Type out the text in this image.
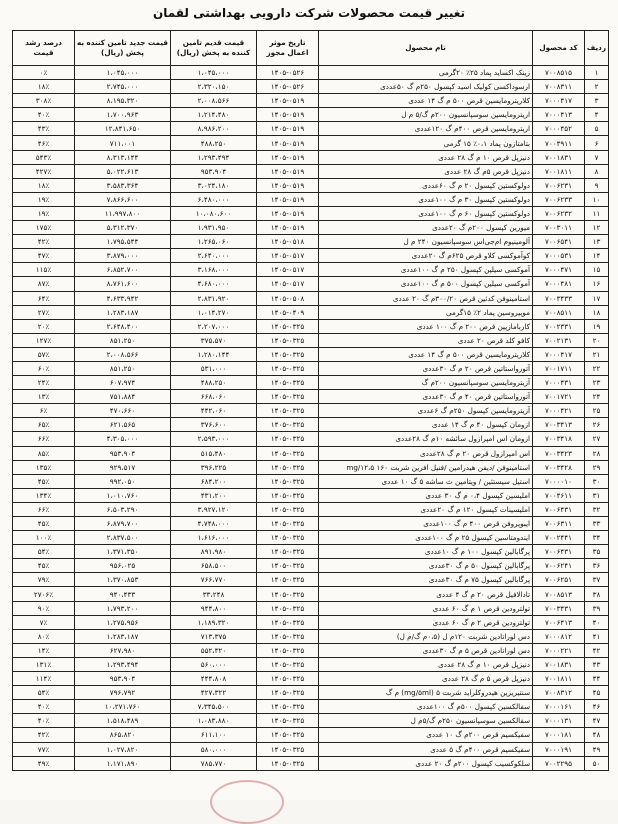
تغییر قیمت محصولات شرکت دارویی بهداشتی لقمان
ردیف	کد محصول	نام محصول	تاریخ موثر اعمال مجوز	قیمت قدیم تامین کننده به پخش (ریال)	قیمت جدید تامین کننده به پخش (ریال)	درصد رشد قیمت
۱	۷۰۰۸۵۱۵	زینک اکساید پماد ۲۵٪ ۲۰گرمی	۱۴۰۵-۰۵۲۶	۱،۰۴۵،۰۰۰	۱،۰۴۵،۰۰۰	۰٪
۲	۷۰۰۸۳۱۱	ارسوداکسی کولیک اسید کپسول ۲۵۰م گ ۵۰عددی	۱۴۰۵-۰۵۲۶	۲،۳۲۰،۱۵۰	۲،۷۴۵،۰۰۰	۱۸٪
۳	۷۰۰۰۴۱۷	کلاریترومایسین قرص ۵۰۰ م گ ۱۴ عددی	۱۴۰۵-۰۵۱۹	۲،۰۰۸،۵۶۶	۸،۱۹۵،۳۲۰	۳۰۸٪
۴	۷۰۰۰۴۱۳	اریترومایسین سوسپانسیون ۲۰۰م گ/۵ م ل	۱۴۰۵-۰۵۱۹	۱،۲۱۴،۴۸۰	۱،۷۰۰،۹۶۳	۴۰٪
۵	۷۰۰۰۴۵۲	اریترومایسین قرص ۴۰۰م گ ۱۲۰عددی	۱۴۰۵-۰۵۱۹	۸،۹۸۶،۲۰۰	۱۲،۸۴۱،۶۵۰	۴۳٪
۶	۷۰۰۴۹۱۱	بتامتازون پماد ۰،۱٪ ۱۵ گرمی	۱۴۰۵-۰۵۱۹	۴۸۸،۲۵۰	۷۱۱،۰۰۱	۴۶٪
۷	۷۰۰۱۸۳۱	دنیزپل قرص ۱۰ م گ ۲۸ عددی	۱۴۰۵-۰۵۱۹	۱،۲۹۳،۴۹۴	۸،۳۱۳،۱۴۴	۵۴۳٪
۸	۷۰۰۱۸۱۱	دنیزپل قرص ۵م گ ۲۸ عددی	۱۴۰۵-۰۵۱۹	۹۵۳،۹۰۴	۵،۰۲۲،۶۱۳	۴۲۷٪
۹	۷۰۰۶۲۳۱	دولوکستین کپسول ۲۰ م گ ۶۰عددی	۱۴۰۵-۰۵۱۹	۳،۰۲۴،۱۸۰	۳،۵۸۳،۳۶۴	۱۸٪
۱۰	۷۰۰۶۲۳۳	دولوکستین کپسول ۳۰ م گ ۱۰۰عددی	۱۴۰۵-۰۵۱۹	۶،۴۸۰،۰۰۰	۷،۸۶۶،۶۰۰	۱۹٪
۱۱	۷۰۰۶۲۳۲	دولوکستین کپسول ۶۰ م گ ۱۰۰عددی	۱۴۰۵-۰۵۱۹	۱۰،۰۸۰،۶۰۰	۱۱،۹۹۷،۸۰۰	۱۹٪
۱۲	۷۰۰۳۰۱۱	میورین کپسول ۲۰۰م گ ۲۰عددی	۱۴۰۵-۰۵۱۹	۱،۹۳۱،۹۵۰	۵،۳۱۲،۳۷۰	۱۷۵٪
۱۳	۷۰۰۶۵۴۱	آلومینیوم ام‌جی‌اس سوسپانسیون ۲۴۰ م ل	۱۴۰۵-۰۵۱۸	۱،۲۶۵،۰۶۰	۱،۷۹۵،۵۴۴	۴۲٪
۱۴	۷۰۰۰۵۳۱	کوآموکسی کلاو قرص ۶۲۵م گ ۲۰عددی	۱۴۰۵-۰۵۱۷	۲،۶۴۰،۰۰۰	۳،۸۷۹،۰۰۰	۴۷٪
۱۵	۷۰۰۰۴۷۱	آموکسی سیلین کپسول ۲۵۰ م گ ۱۰۰عددی	۱۴۰۵-۰۵۱۷	۳،۱۶۸،۰۰۰	۶،۸۵۲،۷۰۰	۱۱۵٪
۱۶	۷۰۰۰۴۸۱	آموکسی سیلین کپسول ۵۰۰ م گ ۱۰۰عددی	۱۴۰۵-۰۵۱۷	۴،۶۸۰،۰۰۰	۸،۷۶۱،۶۰۰	۸۷٪
۱۷	۷۰۰۳۴۳۳	استامینوفن کدئین قرص ۳۰۰/۲۰م گ ۲۰ عددی	۱۴۰۵-۰۵۰۸	۲،۸۳۱،۹۲۰	۴،۶۳۳،۹۴۲	۶۴٪
۱۸	۷۰۰۸۵۱۱	موپیروسین پماد ۲٪ ۱۵گرمی	۱۴۰۵-۰۴۰۹	۱،۰۱۴،۲۷۰	۱،۲۸۳،۱۸۷	۲۷٪
۱۹	۷۰۰۲۳۳۱	کاربامازپین قرص ۲۰۰ م گ ۱۰۰ عددی	۱۴۰۵-۰۳۲۵	۲،۲۰۷،۰۰۰	۲،۶۴۸،۴۰۰	۲۰٪
۲۰	۷۰۰۲۱۳۱	کافو کلد قرص ۲۰ عددی	۱۴۰۵-۰۳۲۵	۳۷۵،۵۷۰	۸۵۱،۲۵۰	۱۲۷٪
۲۱	۷۰۰۰۴۱۷	کلاریترومایسین قرص ۵۰۰ م گ ۱۴ عددی	۱۴۰۵-۰۳۲۵	۱،۲۸۰،۱۴۴	۲،۰۰۸،۵۶۶	۵۷٪
۲۲	۷۰۰۱۷۱۱	آتورواستاتین قرص ۲۰ م گ ۳۰عددی	۱۴۰۵-۰۳۲۵	۵۳۱،۰۰۰	۸۵۱،۲۵۰	۶۰٪
۲۳	۷۰۰۰۴۳۱	آزیترومایسین سوسپانسیون ۲۰۰م گ	۱۴۰۵-۰۳۲۵	۴۸۸،۲۵۰	۶۰۷،۹۷۴	۲۴٪
۲۴	۷۰۰۱۷۲۱	آتورواستاتین قرص ۴۰ م گ ۳۰عددی	۱۴۰۵-۰۳۲۵	۶۶۸،۰۶۰	۷۵۱،۸۸۴	۱۳٪
۲۵	۷۰۰۰۴۲۱	آزیترومایسین کپسول ۲۵۰م گ ۶عددی	۱۴۰۵-۰۳۲۵	۴۴۲،۰۶۰	۴۷۰،۶۶۰	۶٪
۲۶	۷۰۰۳۴۱۳	ازومان کپسول ۴۰ م گ ۱۴ عددی	۱۴۰۵-۰۳۲۵	۳۷۶،۶۰۰	۶۲۱،۵۶۵	۶۵٪
۲۷	۷۰۰۳۴۱۸	ازومان اس امپرازول سائشه ۱۰م گ ۲۸عددی	۱۴۰۵-۰۳۲۵	۲،۵۹۳،۰۰۰	۴،۳۰۵،۰۰۰	۶۶٪
۲۸	۷۰۰۳۴۲۳	اس امپرازول قرص ۲۰ م گ ۲۸عددی	۱۴۰۵-۰۳۲۵	۵۱۵،۴۸۰	۹۵۳،۹۰۴	۸۵٪
۲۹	۷۰۰۳۴۲۸	استامینوفن /دیفن هیدرامین /فنیل افرین شربت ۱۶۰ mg/۱۲،۵	۱۴۰۵-۰۳۲۵	۳۹۶،۲۲۵	۹۲۹،۵۱۷	۱۳۵٪
۳۰	۷۰۰۰۰۱۰	استیل سیستئین / ویتامین ث ساشه ۵ گ ۱۰ عددی	۱۴۰۵-۰۳۲۵	۶۸۴،۲۰۰	۹۹۲،۰۵۰	۴۵٪
۳۱	۷۰۰۴۶۱۱	املیسین کپسول ۰،۴ م گ ۳۰ عددی	۱۴۰۵-۰۳۲۵	۴۳۱،۲۰۰	۱،۰۱۰،۷۶۰	۱۳۴٪
۳۲	۷۰۰۶۴۳۱	املیسینات کپسول ۱۲۰ م گ ۲۰عددی	۱۴۰۵-۰۳۲۵	۳،۹۲۷،۱۲۰	۶،۵۰۳،۲۹۰	۶۶٪
۳۳	۷۰۰۶۳۱۱	ایبوپروفن قرص ۴۰۰ م گ ۱۰۰عددی	۱۴۰۵-۰۳۲۵	۴،۷۴۸،۰۰۰	۶،۸۷۹،۷۰۰	۴۵٪
۳۴	۷۰۰۲۴۴۱	ایندومتاسین کپسول ۲۵ م گ ۱۰۰عددی	۱۴۰۵-۰۳۲۵	۱،۶۱۶،۰۰۰	۲،۸۳۷،۵۰۰	۱۰۰٪
۳۵	۷۰۰۶۴۳۱	پرگابالین کپسول ۱۰۰ م گ ۱۰عددی	۱۴۰۵-۰۳۲۵	۸۹۱،۹۸۰	۱،۳۷۱،۳۵۰	۵۴٪
۳۶	۷۰۰۶۲۴۱	پرگابالین کپسول ۵۰ م گ ۳۰عددی	۱۴۰۵-۰۳۲۵	۶۵۸،۵۰۰	۹۵۶،۰۲۵	۴۵٪
۳۷	۷۰۰۶۲۵۱	پرگابالین کپسول ۷۵ م گ ۳۰عددی	۱۴۰۵-۰۳۲۵	۷۶۶،۷۷۰	۱،۳۷۰،۸۵۳	۷۹٪
۳۸	۷۰۰۸۵۱۳	تادالافیل قرص ۲۰ م گ ۴ عددی	۱۴۰۵-۰۳۲۵	۳۳،۲۴۸	۹۴۰،۴۳۳	۲۷۰۶٪
۳۹	۷۰۰۳۴۳۱	تولترودین قرص ۱ م گ ۶۰ عددی	۱۴۰۵-۰۳۲۵	۹۴۴،۸۰۰	۱،۷۹۳،۲۰۰	۹۰٪
۴۰	۷۰۰۶۴۱۳	تولترودین قرص ۲ م گ ۶۰ عددی	۱۴۰۵-۰۳۲۵	۱،۱۸۹،۳۲۰	۱،۲۷۵،۹۵۶	۷٪
۴۱	۷۰۰۰۸۱۲	دس لوراتادین شربت ۱۲۰م ل (۰،۵م گ/م ل)	۱۴۰۵-۰۳۲۵	۷۱۳،۳۷۵	۱،۲۸۳،۱۸۷	۸۰٪
۴۲	۷۰۰۰۲۲۱	دس لوراتادین قرص ۵ م گ ۳۰عددی	۱۴۰۵-۰۳۲۵	۵۵۲،۳۲۰	۶۲۷،۹۸۰	۱۴٪
۴۳	۷۰۰۱۸۳۱	دنیزپل قرص ۱۰ م گ ۲۸ عددی	۱۴۰۵-۰۳۲۵	۵۶۰،۰۰۰	۱،۲۹۳،۴۹۴	۱۳۱٪
۴۴	۷۰۰۱۸۱۱	دنیزپل قرص ۵ م گ ۲۸ عددی	۱۴۰۵-۰۳۲۵	۴۴۴،۸۰۸	۹۵۳،۹۰۴	۱۱۴٪
۴۵	۷۰۰۸۳۱۲	سنتیریزین هیدروکلراید شربت ۵ (mg/۵ml) م گ	۱۴۰۵-۰۳۲۵	۴۲۷،۳۲۲	۷۹۶،۷۹۲	۵۴٪
۴۶	۷۰۰۰۱۶۱	سفالکسین کپسول ۵۰۰م گ ۱۰۰عددی	۱۴۰۵-۰۳۲۵	۷،۳۴۵،۵۰۰	۱۰،۲۷۱،۷۶۰	۴۰٪
۴۷	۷۰۰۰۱۳۱	سفالکسین سوسپانسیون ۲۵۰م گ/۵م ل	۱۴۰۵-۰۳۲۵	۱،۰۸۳،۸۸۰	۱،۵۱۸،۴۸۹	۴۰٪
۴۸	۷۰۰۰۱۸۱	سفیکسیم قرص ۲۰۰م گ ۱۰ عددی	۱۴۰۵-۰۳۲۵	۶۱۱،۱۰۰	۸۶۵،۸۲۰	۴۲٪
۴۹	۷۰۰۰۱۹۱	سفیکسیم قرص ۴۰۰م گ ۵ عددی	۱۴۰۵-۰۳۲۵	۵۸۰،۰۰۰	۱،۰۲۷،۸۲۰	۷۷٪
۵۰	۷۰۰۲۲۹۵	سلکوکسیب کپسول ۲۰۰م گ ۲۰ عددی	۱۴۰۵-۰۳۲۵	۷۸۵،۷۷۰	۱،۱۷۱،۸۹۰	۴۹٪
